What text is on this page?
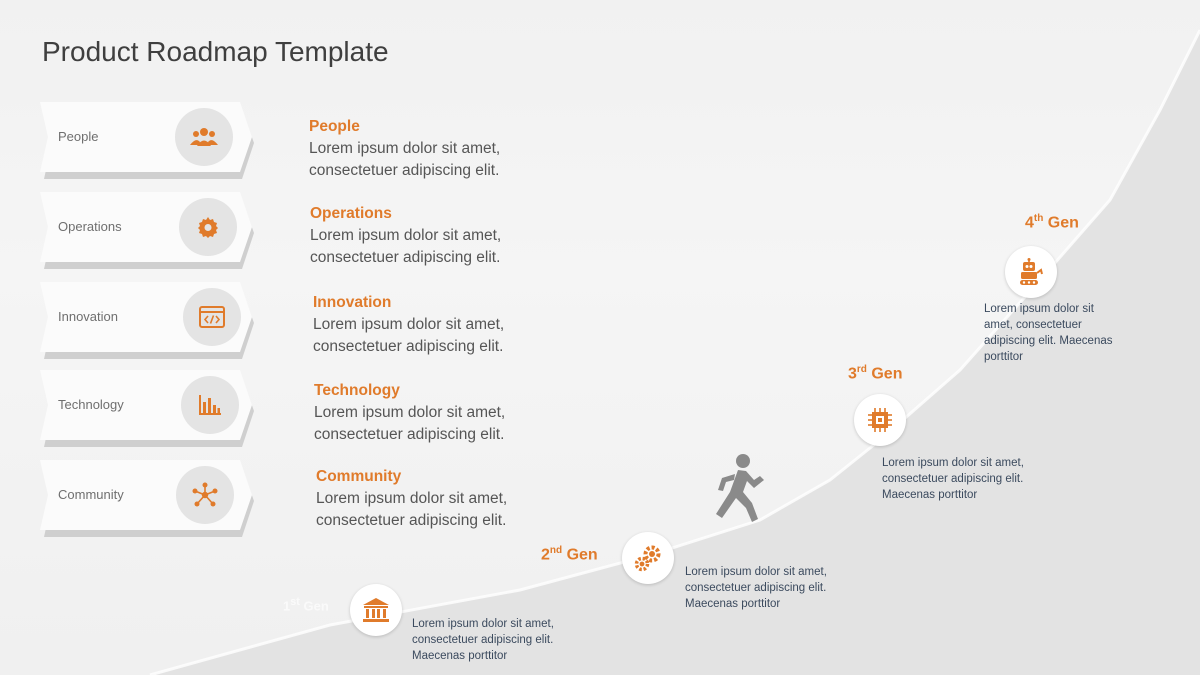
Product Roadmap Template
People
Operations
Innovation
Technology
Community
People
Lorem ipsum dolor sit amet, consectetuer adipiscing elit.
Operations
Lorem ipsum dolor sit amet, consectetuer adipiscing elit.
Innovation
Lorem ipsum dolor sit amet, consectetuer adipiscing elit.
Technology
Lorem ipsum dolor sit amet, consectetuer adipiscing elit.
Community
Lorem ipsum dolor sit amet, consectetuer adipiscing elit.
1st Gen
Lorem ipsum dolor sit amet, consectetuer adipiscing elit. Maecenas porttitor
2nd Gen
Lorem ipsum dolor sit amet, consectetuer adipiscing elit. Maecenas porttitor
3rd Gen
Lorem ipsum dolor sit amet, consectetuer adipiscing elit. Maecenas porttitor
4th Gen
Lorem ipsum dolor sit amet, consectetuer adipiscing elit. Maecenas porttitor
